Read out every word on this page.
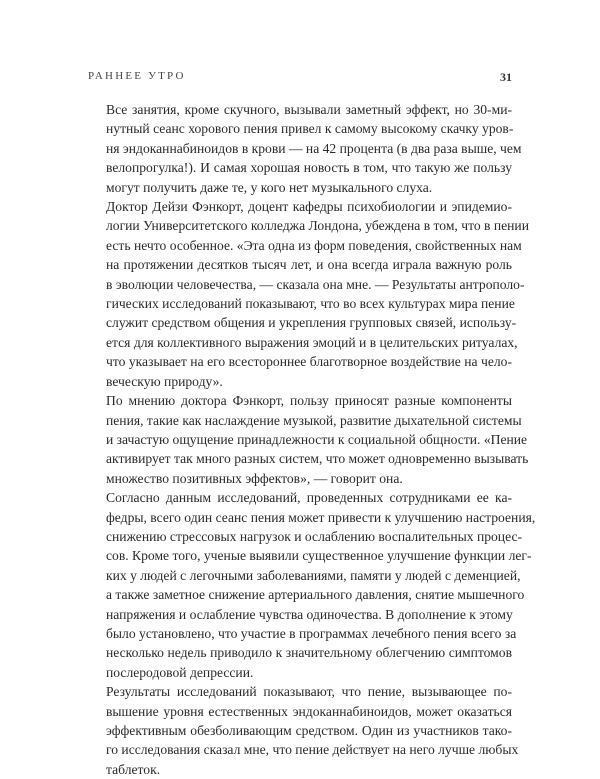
РАННЕЕ УТРО	31

Все занятия, кроме скучного, вызывали заметный эффект, но 30-ми-
нутный сеанс хорового пения привел к самому высокому скачку уров-
ня эндоканнабиноидов в крови — на 42 процента (в два раза выше, чем
велопрогулка!). И самая хорошая новость в том, что такую же пользу
могут получить даже те, у кого нет музыкального слуха.

Доктор Дейзи Фэнкорт, доцент кафедры психобиологии и эпидемио-
логии Университетского колледжа Лондона, убеждена в том, что в пении
есть нечто особенное. «Эта одна из форм поведения, свойственных нам
на протяжении десятков тысяч лет, и она всегда играла важную роль
в эволюции человечества, — сказала она мне. — Результаты антрополо-
гических исследований показывают, что во всех культурах мира пение
служит средством общения и укрепления групповых связей, использу-
ется для коллективного выражения эмоций и в целительских ритуалах,
что указывает на его всестороннее благотворное воздействие на чело-
веческую природу».

По мнению доктора Фэнкорт, пользу приносят разные компоненты
пения, такие как наслаждение музыкой, развитие дыхательной системы
и зачастую ощущение принадлежности к социальной общности. «Пение
активирует так много разных систем, что может одновременно вызывать
множество позитивных эффектов», — говорит она.

Согласно данным исследований, проведенных сотрудниками ее ка-
федры, всего один сеанс пения может привести к улучшению настроения,
снижению стрессовых нагрузок и ослаблению воспалительных процес-
сов. Кроме того, ученые выявили существенное улучшение функции лег-
ких у людей с легочными заболеваниями, памяти у людей с деменцией,
а также заметное снижение артериального давления, снятие мышечного
напряжения и ослабление чувства одиночества. В дополнение к этому
было установлено, что участие в программах лечебного пения всего за
несколько недель приводило к значительному облегчению симптомов
послеродовой депрессии.

Результаты исследований показывают, что пение, вызывающее по-
вышение уровня естественных эндоканнабиноидов, может оказаться
эффективным обезболивающим средством. Один из участников тако-
го исследования сказал мне, что пение действует на него лучше любых
таблеток.
